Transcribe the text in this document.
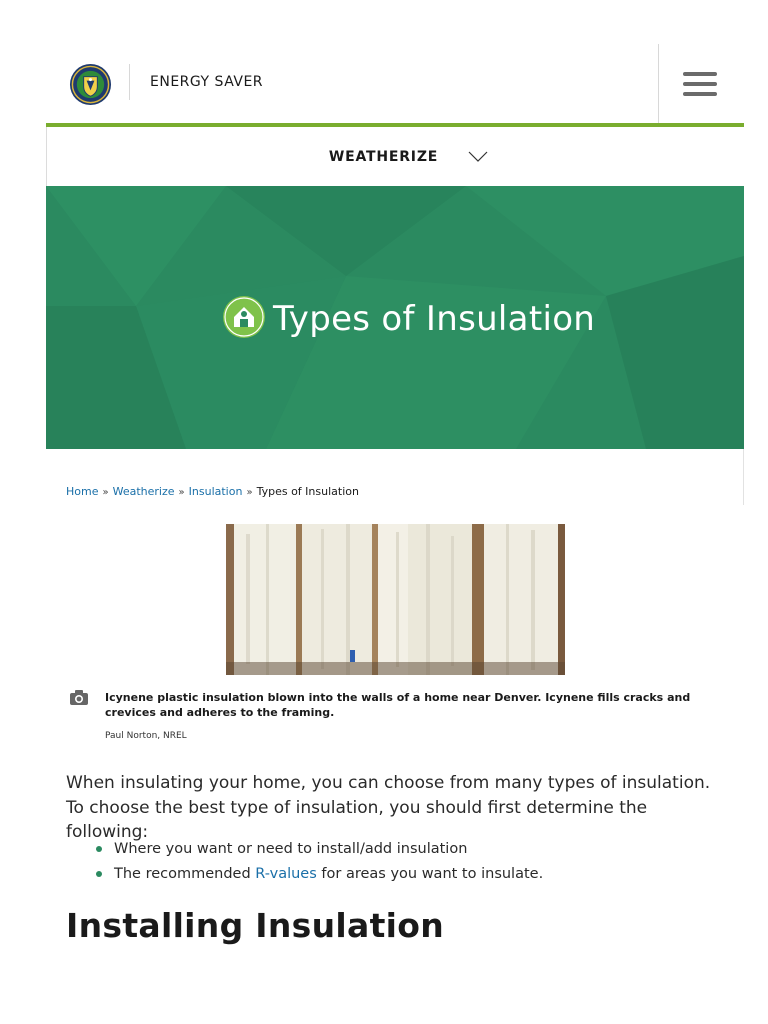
ENERGY SAVER
WEATHERIZE
Types of Insulation
Home » Weatherize » Insulation » Types of Insulation

Icynene plastic insulation blown into the walls of a home near Denver. Icynene fills cracks and crevices and adheres to the framing.

Paul Norton, NREL

When insulating your home, you can choose from many types of insulation. To choose the best type of insulation, you should first determine the following:

Where you want or need to install/add insulation
The recommended R-values for areas you want to insulate.
Installing Insulation
